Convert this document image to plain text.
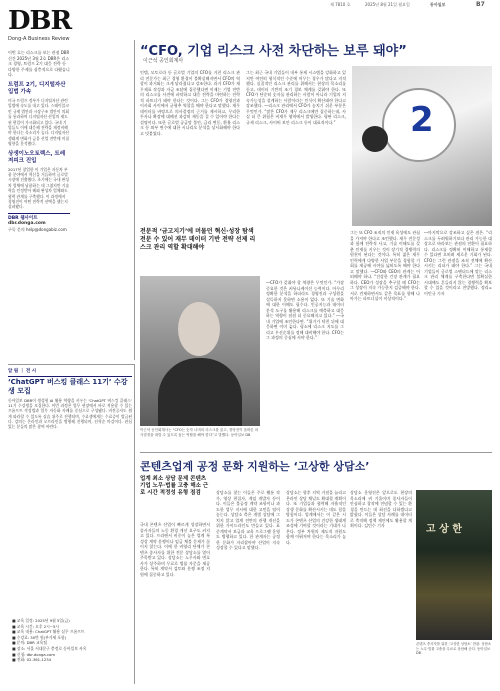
제 7810 호	2025년 8월 21일 월요일	동아일보	B7
DBR
Dong-A Business Review
이번 호는 리스크를 보는 관점 DBR 신간 2025년 3월 2호 DBR은 리스크 경영, 트럼프 2기 대응 전략 등 다양한 주제를 심층적으로 다뤘습니다.
트럼프 2기, 디지털자산 입법 가속
미국 트럼프 정부가 디지털자산 관련 입법에 속도를 내고 있다. 스테이블코인 규제 법안과 시장구조 법안이 의회를 통과하며 디지털자산 산업의 제도권 편입이 가시화되고 있다. 국내 기업들도 이에 대응해 전략을 재정비해야 한다는 목소리가 높다. 디지털자산 생태계 변화가 금융 산업 전반에 미칠 영향을 분석했다.
상생이노오토렉스, 트레져피크 진입
2017년 창업한 이 기업은 자동차 부품 분야에서 혁신을 거듭하며 글로벌 시장에 진출했다. 초기에는 국내 완성차 업체에 납품하는 데 그쳤지만 기술력을 인정받아 해외 완성차 업체와도 협력 관계를 구축했다. 이 과정에서 경영진이 어떤 전략적 선택을 했는지 살펴봤다.
DBR 웹사이트 dbr.donga.com
구독 문의 help@dongabiz.com
“CFO, 기업 리스크 사전 차단하는 보루 돼야”
이근석 공인회계사
인텔, 모토로라 등 글로벌 기업의 CFO를 거친 리스크 관리 전문가는 최근 경영 환경이 불확실해지면서 CFO의 역할이 과거와는 크게 달라졌다고 강조한다. 과거 CFO가 재무제표 작성과 자금 조달에 집중했다면 이제는 기업 전반의 리스크를 사전에 파악하고 대응 전략을 마련하는 전략적 파트너가 돼야 한다는 것이다. 그는 CFO가 경영진과 이사회 사이에서 균형추 역할을 해야 한다고 말했다. 재무 데이터를 바탕으로 의사결정의 근거를 제시하고, 무리한 투자나 확장에 대해선 과감히 제동을 걸 수 있어야 한다는 설명이다. 또한 글로벌 공급망 불안, 금리 변동, 환율 리스크 등 외부 변수에 대한 시나리오 분석을 상시화해야 한다고 덧붙였다.
그는 최근 국내 기업들이 내부 통제 시스템을 강화하고 있지만 여전히 형식적인 수준에 머무는 경우가 많다고 지적했다. 실질적인 리스크 관리를 위해서는 현장의 목소리를 듣고, 데이터 기반의 조기 경보 체계를 갖춰야 한다. 또 CFO가 단순히 숫자를 관리하는 사람이 아니라 기업의 지속가능성을 설계하는 사람이라는 인식이 확산돼야 한다고 강조했다. ―리스크 관리에서 CFO가 놓치기 쉬운 부분은 무엇인가. “많은 CFO가 재무 리스크에만 집중하는데, 사실 더 큰 위험은 비재무 영역에서 발생한다. 평판 리스크, 규제 리스크, 사이버 보안 리스크 등이 대표적이다.”	2
전문적 ‘금고지기’에 머물던 혁신·성장 탐색 전문 수 있어 재무 데이터 기반 전략 선제 리스크 관리 역할 확대해야
―CFO가 갖춰야 할 역량은 무엇인가. “가장 중요한 것은 커뮤니케이션 능력이다. 아무리 정확한 분석을 하더라도 경영진과 구성원을 설득하지 못하면 소용이 없다. 또 기술 변화에 대한 이해도 필수다. 인공지능과 데이터 분석 도구를 활용해 리스크를 예측하고 대응하는 역량이 점점 더 중요해지고 있다.” ―국내 기업에 조언한다면. “위기가 닥친 뒤에 대응하면 이미 늦다. 평소에 리스크 지도를 그리고 우선순위를 정해 대비해야 한다. CFO는 그 과정의 중심에 서야 한다.”
그는 또 CFO 조직의 인재 육성에도 관심을 가져야 한다고 조언했다. 재무 전문성과 함께 전략적 사고, 기술 이해도를 갖춘 인재를 키우는 것이 장기적 경쟁력의 원천이 된다는 것이다. 특히 젊은 재무 인력에게 다양한 사업 부문을 경험할 기회를 제공해 시야를 넓히도록 해야 한다고 말했다. ―CFO와 CEO의 관계는 어떠해야 하나. “건강한 긴장 관계가 필요하다. CEO가 성장을 추구할 때 CFO는 그 성장이 지속 가능한지 검증해야 한다. 서로 견제하면서도 같은 목표를 향해 나아가는 파트너십이 이상적이다.”
―마지막으로 강조하고 싶은 점은. “리스크를 두려워하기보다 관리 가능한 대상으로 바라보는 관점의 전환이 필요하다. 리스크를 정확히 이해하고 통제할 수 있다면 오히려 새로운 기회가 된다. CFO는 그런 관점을 조직 전체에 확산시키는 리더가 돼야 한다.” 그는 국내 기업들이 글로벌 스탠더드에 맞는 리스크 관리 체계를 구축한다면 불확실한 시대에도 흔들리지 않는 경쟁력을 확보할 수 있을 것이라고 전망했다. 정리=이민규 기자
이근석 공인회계사는 “CFO는 숫자 너머의 리스크를 읽고, 경영진이 올바른 의사결정을 내릴 수 있도록 돕는 역할을 해야 한다”고 말했다. 동아일보 DB
알 림 ｜ 전 시
‘ChatGPT 버스킹 클래스 11기’ 수강생 모집
동아일보 DBR이 생성형 AI 활용 역량을 키우는 ‘ChatGPT 버스킹 클래스’ 11기 수강생을 모집한다. 이번 과정은 업무 현장에서 바로 적용할 수 있는 프롬프트 작성법과 업무 자동화 사례를 중심으로 구성됐다. 비전공자도 쉽게 따라할 수 있도록 실습 위주로 진행되며, 수료생에게는 수료증이 발급된다. 강의는 온라인과 오프라인을 병행해 진행되며, 선착순 마감이다. 관심 있는 분들의 많은 참여 바란다.
■ 교육 일정: 2025년 9월 5일(금)
■ 교육 시간: 오후 2시~5시
■ 교육 내용: ChatGPT 활용 실무 프롬프트
■ 수강료: 30만 원(부가세 포함)
■ 문의: DBR 교육팀
■ 장소: 서울 서대문구 충정로 동아일보 사옥
■ 신청: dbr.donga.com
■ 전화: 02-361-1234
콘텐츠업계 공정 문화 지원하는 ‘고상한 상담소’
업계 최소 상담 문제 콘텐츠 기업 노무·법률 고충 해소 근로 시간 적정성 유형 점검
국내 콘텐츠 산업이 빠르게 성장하면서 종사자들의 노동 환경 개선 요구도 커지고 있다. 프리랜서 비중이 높은 업계 특성상 계약 분쟁이나 임금 체불 문제가 끊이지 않는다. 이에 한 비영리 단체가 콘텐츠 종사자를 위한 전문 상담소를 열어 주목받고 있다. 상담소는 노무사와 변호사가 상주하며 무료로 법률 자문을 제공한다. 특히 계약서 검토와 분쟁 조정 지원에 집중하고 있다.
상담소를 찾는 이들은 주로 웹툰 작가, 영상 편집자, 게임 개발자 등이다. 이들은 불공정 계약 조항이나 과도한 업무 지시에 대한 고민을 털어놓는다. 상담소 측은 개별 상담에 그치지 않고 업계 전반의 관행 개선을 위한 가이드라인도 만들고 있다. 표준계약서 보급과 교육 프로그램 운영도 병행하고 있다. 한 관계자는 공정한 문화가 자리잡아야 산업이 지속 성장할 수 있다고 말했다.
상담소는 향후 지역 거점을 늘리고 온라인 상담 채널도 확대할 계획이다. 또 기업들과 협력해 자율적인 상생 문화를 확산시키는 데도 힘쓸 방침이다. 업계에서는 이 같은 시도가 콘텐츠 산업의 건강한 생태계 조성에 기여할 것이라는 기대가 나온다. 정부 차원의 제도적 지원도 함께 이뤄져야 한다는 목소리가 높다.
상담소 운영진은 앞으로도 현장의 목소리에 귀 기울이며 종사자들이 안심하고 창작에 전념할 수 있는 환경을 만드는 데 최선을 다하겠다고 밝혔다. 이들은 상담 사례를 데이터로 축적해 정책 제안에도 활용할 계획이다. 김민수 기자	고 상 한
콘텐츠 종사자를 위한 ‘고상한 상담소’ 현판. 상담소는 노무·법률 고충을 무료로 상담해 준다. 동아일보 DB
